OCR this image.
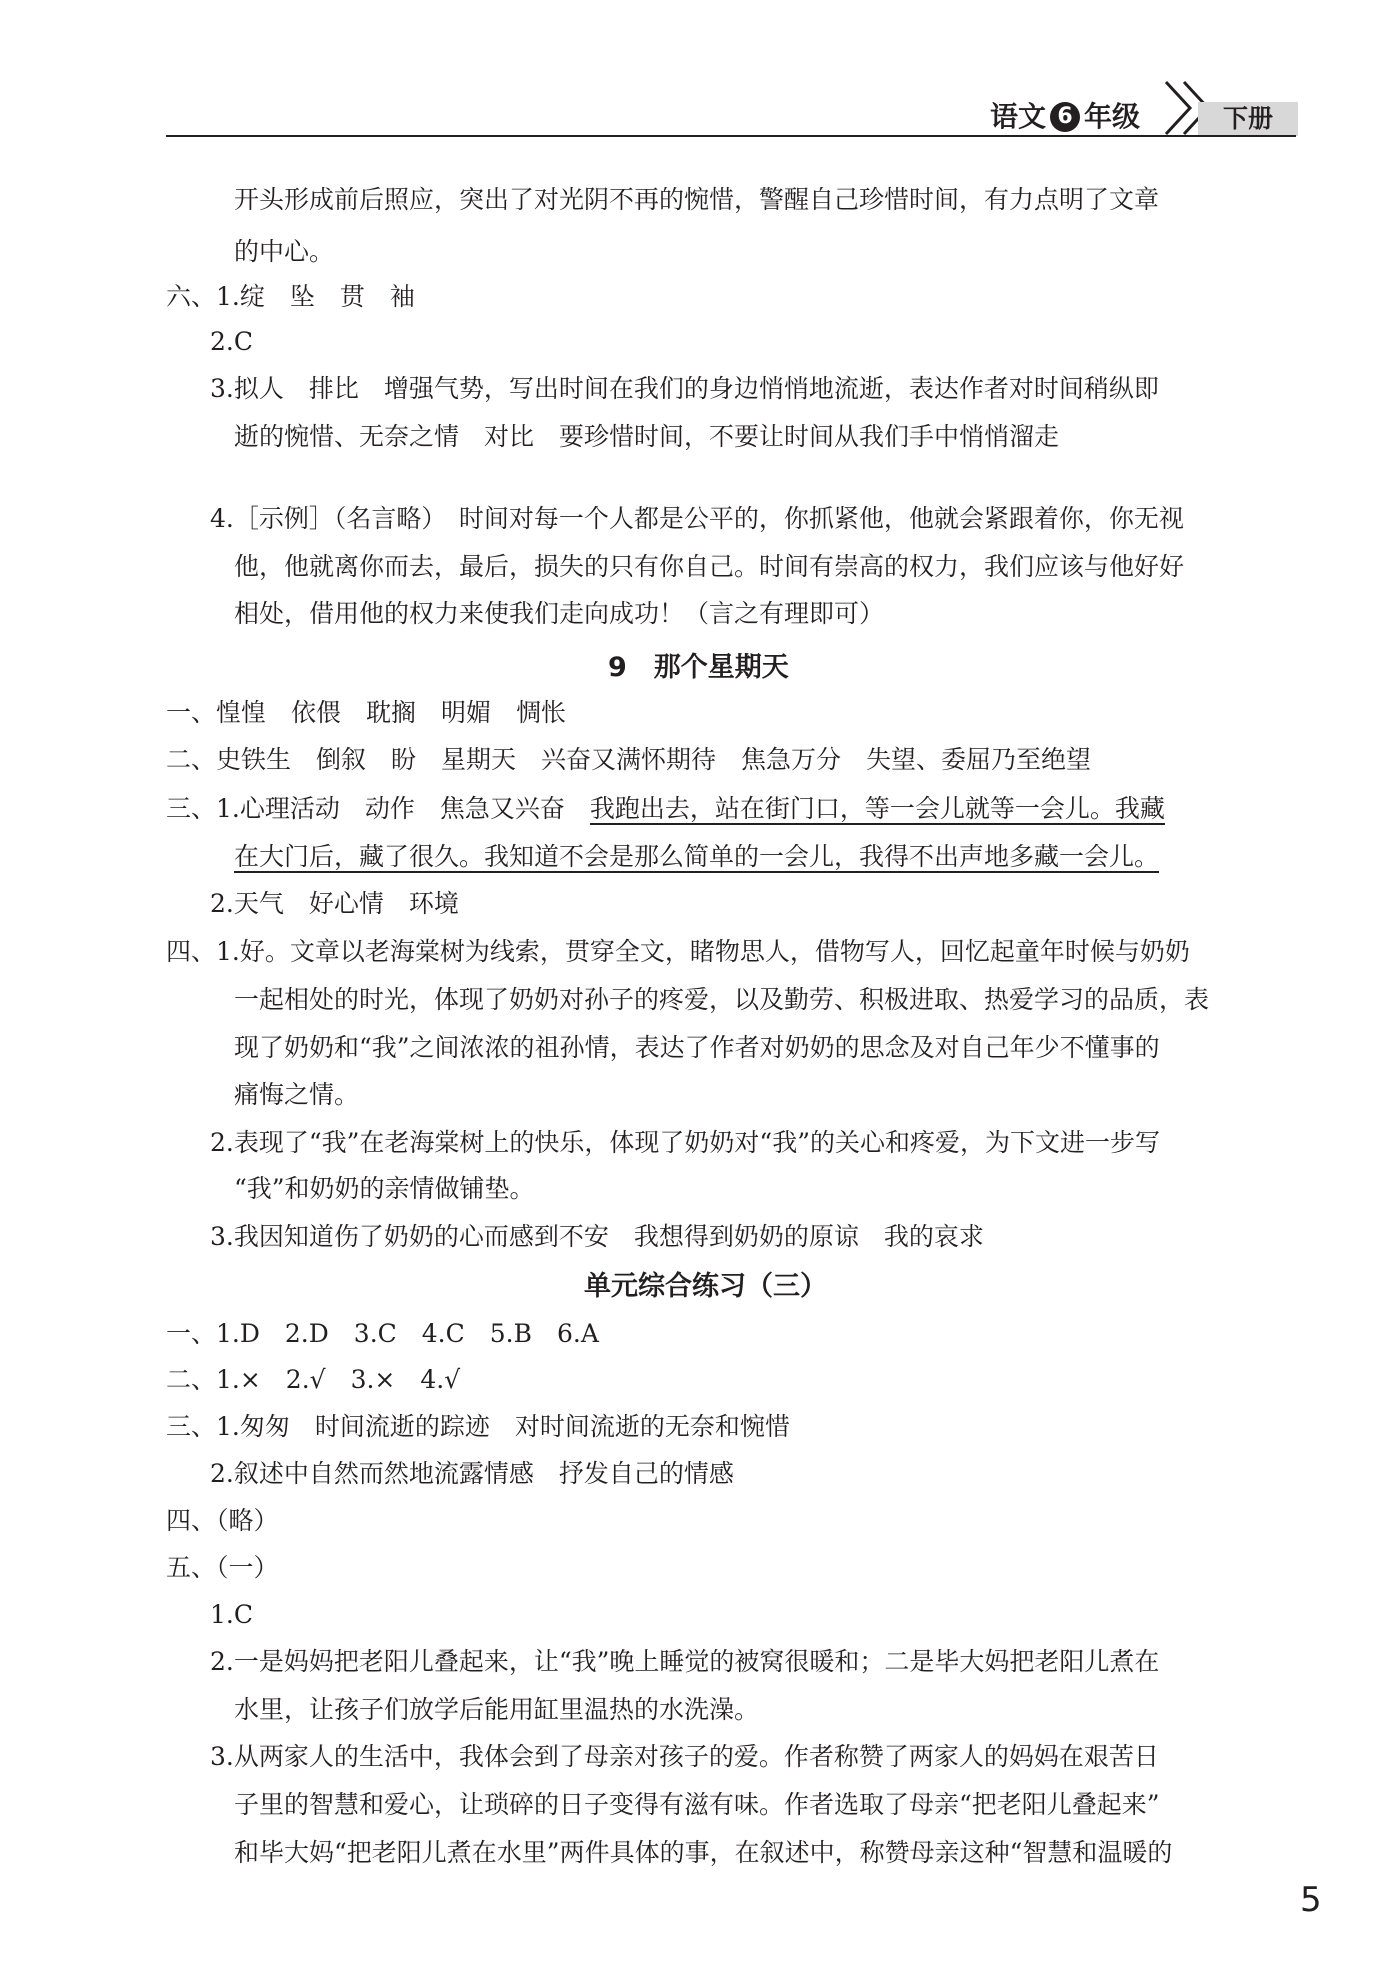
语文 6 年级	下册
开头形成前后照应，突出了对光阴不再的惋惜，警醒自己珍惜时间，有力点明了文章
的中心。
六、1.绽　坠　贯　袖
2.C
3.拟人　排比　增强气势，写出时间在我们的身边悄悄地流逝，表达作者对时间稍纵即
逝的惋惜、无奈之情　对比　要珍惜时间，不要让时间从我们手中悄悄溜走
4.［示例］（名言略）　时间对每一个人都是公平的，你抓紧他，他就会紧跟着你，你无视
他，他就离你而去，最后，损失的只有你自己。时间有崇高的权力，我们应该与他好好
相处，借用他的权力来使我们走向成功！（言之有理即可）
9　那个星期天
一、惶惶　依偎　耽搁　明媚　惆怅
二、史铁生　倒叙　盼　星期天　兴奋又满怀期待　焦急万分　失望、委屈乃至绝望
三、1.心理活动　动作　焦急又兴奋　我跑出去，站在街门口，等一会儿就等一会儿。我藏
在大门后，藏了很久。我知道不会是那么简单的一会儿，我得不出声地多藏一会儿。
2.天气　好心情　环境
四、1.好。文章以老海棠树为线索，贯穿全文，睹物思人，借物写人，回忆起童年时候与奶奶
一起相处的时光，体现了奶奶对孙子的疼爱，以及勤劳、积极进取、热爱学习的品质，表
现了奶奶和“我”之间浓浓的祖孙情，表达了作者对奶奶的思念及对自己年少不懂事的
痛悔之情。
2.表现了“我”在老海棠树上的快乐，体现了奶奶对“我”的关心和疼爱，为下文进一步写
“我”和奶奶的亲情做铺垫。
3.我因知道伤了奶奶的心而感到不安　我想得到奶奶的原谅　我的哀求
单元综合练习（三）
一、1.D　2.D　3.C　4.C　5.B　6.A
二、1.×　2.√　3.×　4.√
三、1.匆匆　时间流逝的踪迹　对时间流逝的无奈和惋惜
2.叙述中自然而然地流露情感　抒发自己的情感
四、（略）
五、（一）
1.C
2.一是妈妈把老阳儿叠起来，让“我”晚上睡觉的被窝很暖和；二是毕大妈把老阳儿煮在
水里，让孩子们放学后能用缸里温热的水洗澡。
3.从两家人的生活中，我体会到了母亲对孩子的爱。作者称赞了两家人的妈妈在艰苦日
子里的智慧和爱心，让琐碎的日子变得有滋有味。作者选取了母亲“把老阳儿叠起来”
和毕大妈“把老阳儿煮在水里”两件具体的事，在叙述中，称赞母亲这种“智慧和温暖的
5
